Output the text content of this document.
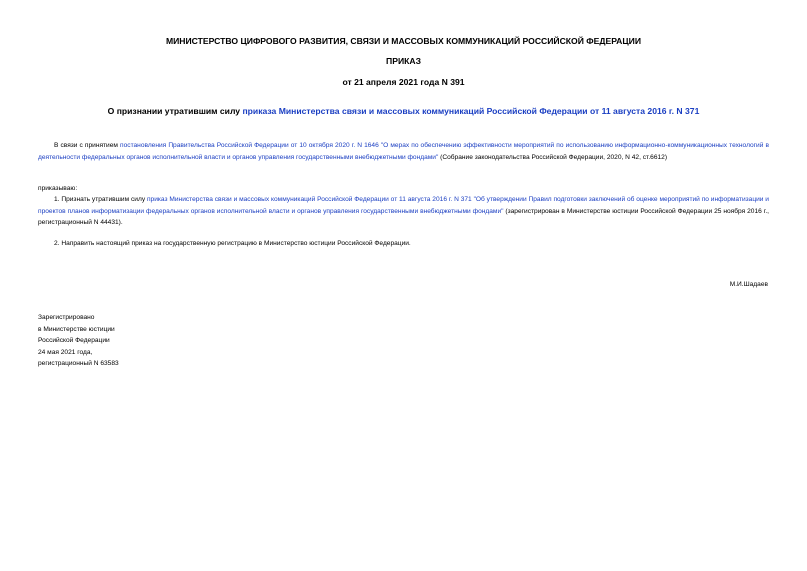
МИНИСТЕРСТВО ЦИФРОВОГО РАЗВИТИЯ, СВЯЗИ И МАССОВЫХ КОММУНИКАЦИЙ РОССИЙСКОЙ ФЕДЕРАЦИИ
ПРИКАЗ
от 21 апреля 2021 года N 391
О признании утратившим силу приказа Министерства связи и массовых коммуникаций Российской Федерации от 11 августа 2016 г. N 371
В связи с принятием постановления Правительства Российской Федерации от 10 октября 2020 г. N 1646 "О мерах по обеспечению эффективности мероприятий по использованию информационно-коммуникационных технологий в деятельности федеральных органов исполнительной власти и органов управления государственными внебюджетными фондами" (Собрание законодательства Российской Федерации, 2020, N 42, ст.6612)
приказываю:
1. Признать утратившим силу приказ Министерства связи и массовых коммуникаций Российской Федерации от 11 августа 2016 г. N 371 "Об утверждении Правил подготовки заключений об оценке мероприятий по информатизации и проектов планов информатизации федеральных органов исполнительной власти и органов управления государственными внебюджетными фондами" (зарегистрирован в Министерстве юстиции Российской Федерации 25 ноября 2016 г., регистрационный N 44431).
2. Направить настоящий приказ на государственную регистрацию в Министерство юстиции Российской Федерации.
М.И.Шадаев
Зарегистрировано
в Министерстве юстиции
Российской Федерации
24 мая 2021 года,
регистрационный N 63583
